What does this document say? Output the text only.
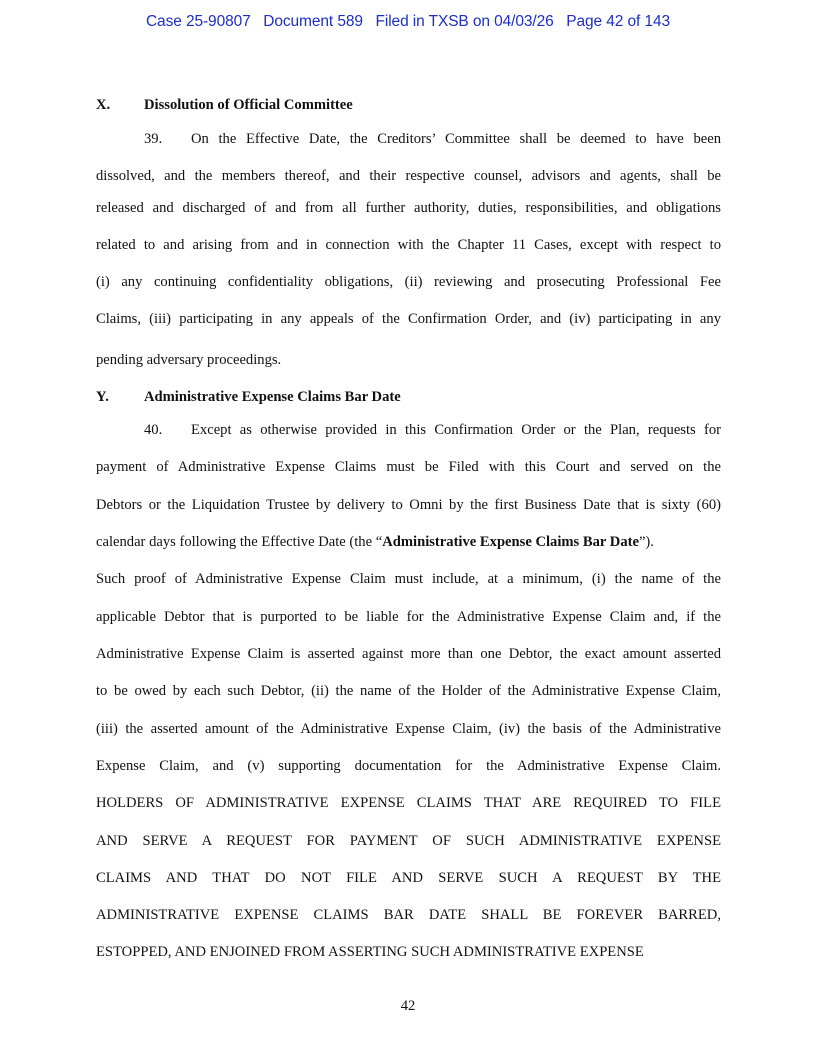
Case 25-90807   Document 589   Filed in TXSB on 04/03/26   Page 42 of 143
X. Dissolution of Official Committee
39. On the Effective Date, the Creditors’ Committee shall be deemed to have been
dissolved, and the members thereof, and their respective counsel, advisors and agents, shall be
released and discharged of and from all further authority, duties, responsibilities, and obligations
related to and arising from and in connection with the Chapter 11 Cases, except with respect to
(i) any continuing confidentiality obligations, (ii) reviewing and prosecuting Professional Fee
Claims, (iii) participating in any appeals of the Confirmation Order, and (iv) participating in any
pending adversary proceedings.
Y. Administrative Expense Claims Bar Date
40. Except as otherwise provided in this Confirmation Order or the Plan, requests for
payment of Administrative Expense Claims must be Filed with this Court and served on the
Debtors or the Liquidation Trustee by delivery to Omni by the first Business Date that is sixty (60)
calendar days following the Effective Date (the “Administrative Expense Claims Bar Date”).
Such proof of Administrative Expense Claim must include, at a minimum, (i) the name of the
applicable Debtor that is purported to be liable for the Administrative Expense Claim and, if the
Administrative Expense Claim is asserted against more than one Debtor, the exact amount asserted
to be owed by each such Debtor, (ii) the name of the Holder of the Administrative Expense Claim,
(iii) the asserted amount of the Administrative Expense Claim, (iv) the basis of the Administrative
Expense Claim, and (v) supporting documentation for the Administrative Expense Claim.
HOLDERS OF ADMINISTRATIVE EXPENSE CLAIMS THAT ARE REQUIRED TO FILE
AND SERVE A REQUEST FOR PAYMENT OF SUCH ADMINISTRATIVE EXPENSE
CLAIMS AND THAT DO NOT FILE AND SERVE SUCH A REQUEST BY THE
ADMINISTRATIVE EXPENSE CLAIMS BAR DATE SHALL BE FOREVER BARRED,
ESTOPPED, AND ENJOINED FROM ASSERTING SUCH ADMINISTRATIVE EXPENSE
42
